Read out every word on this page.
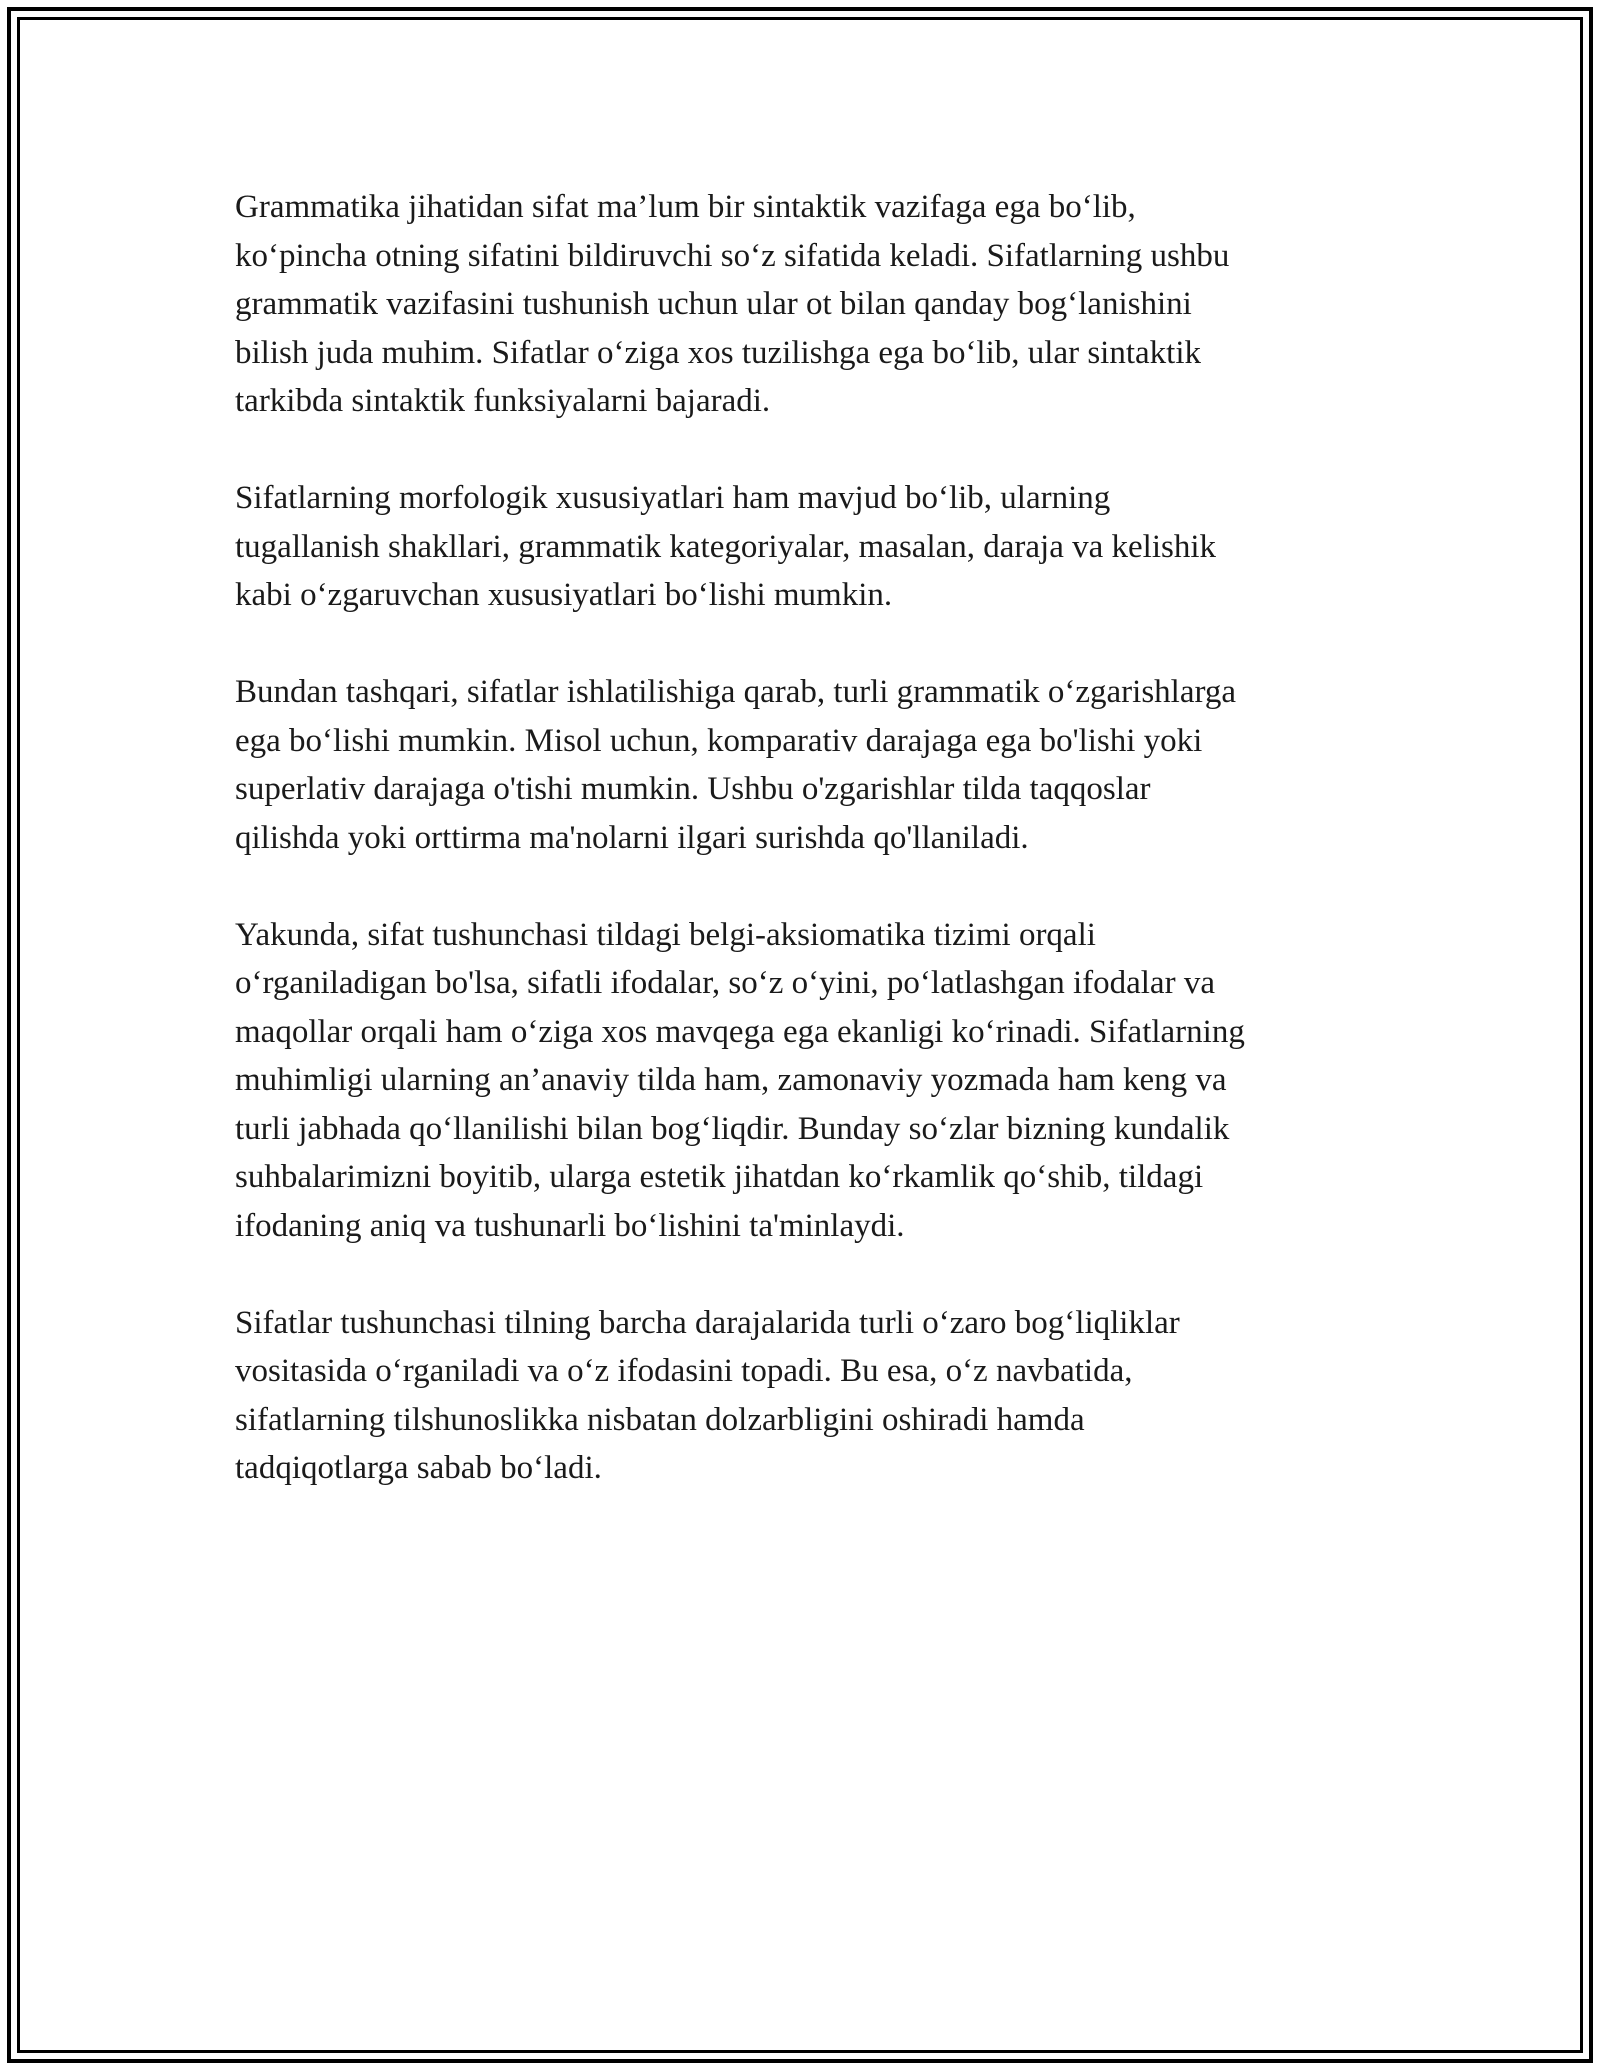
Grammatika jihatidan sifat ma’lum bir sintaktik vazifaga ega bo‘lib,
ko‘pincha otning sifatini bildiruvchi so‘z sifatida keladi. Sifatlarning ushbu
grammatik vazifasini tushunish uchun ular ot bilan qanday bog‘lanishini
bilish juda muhim. Sifatlar o‘ziga xos tuzilishga ega bo‘lib, ular sintaktik
tarkibda sintaktik funksiyalarni bajaradi.

Sifatlarning morfologik xususiyatlari ham mavjud bo‘lib, ularning
tugallanish shakllari, grammatik kategoriyalar, masalan, daraja va kelishik
kabi o‘zgaruvchan xususiyatlari bo‘lishi mumkin.

Bundan tashqari, sifatlar ishlatilishiga qarab, turli grammatik o‘zgarishlarga
ega bo‘lishi mumkin. Misol uchun, komparativ darajaga ega bo'lishi yoki
superlativ darajaga o'tishi mumkin. Ushbu o'zgarishlar tilda taqqoslar
qilishda yoki orttirma ma'nolarni ilgari surishda qo'llaniladi.

Yakunda, sifat tushunchasi tildagi belgi-aksiomatika tizimi orqali
o‘rganiladigan bo'lsa, sifatli ifodalar, so‘z o‘yini, po‘latlashgan ifodalar va
maqollar orqali ham o‘ziga xos mavqega ega ekanligi ko‘rinadi. Sifatlarning
muhimligi ularning an’anaviy tilda ham, zamonaviy yozmada ham keng va
turli jabhada qo‘llanilishi bilan bog‘liqdir. Bunday so‘zlar bizning kundalik
suhbalarimizni boyitib, ularga estetik jihatdan ko‘rkamlik qo‘shib, tildagi
ifodaning aniq va tushunarli bo‘lishini ta'minlaydi.

Sifatlar tushunchasi tilning barcha darajalarida turli o‘zaro bog‘liqliklar
vositasida o‘rganiladi va o‘z ifodasini topadi. Bu esa, o‘z navbatida,
sifatlarning tilshunoslikka nisbatan dolzarbligini oshiradi hamda
tadqiqotlarga sabab bo‘ladi.
